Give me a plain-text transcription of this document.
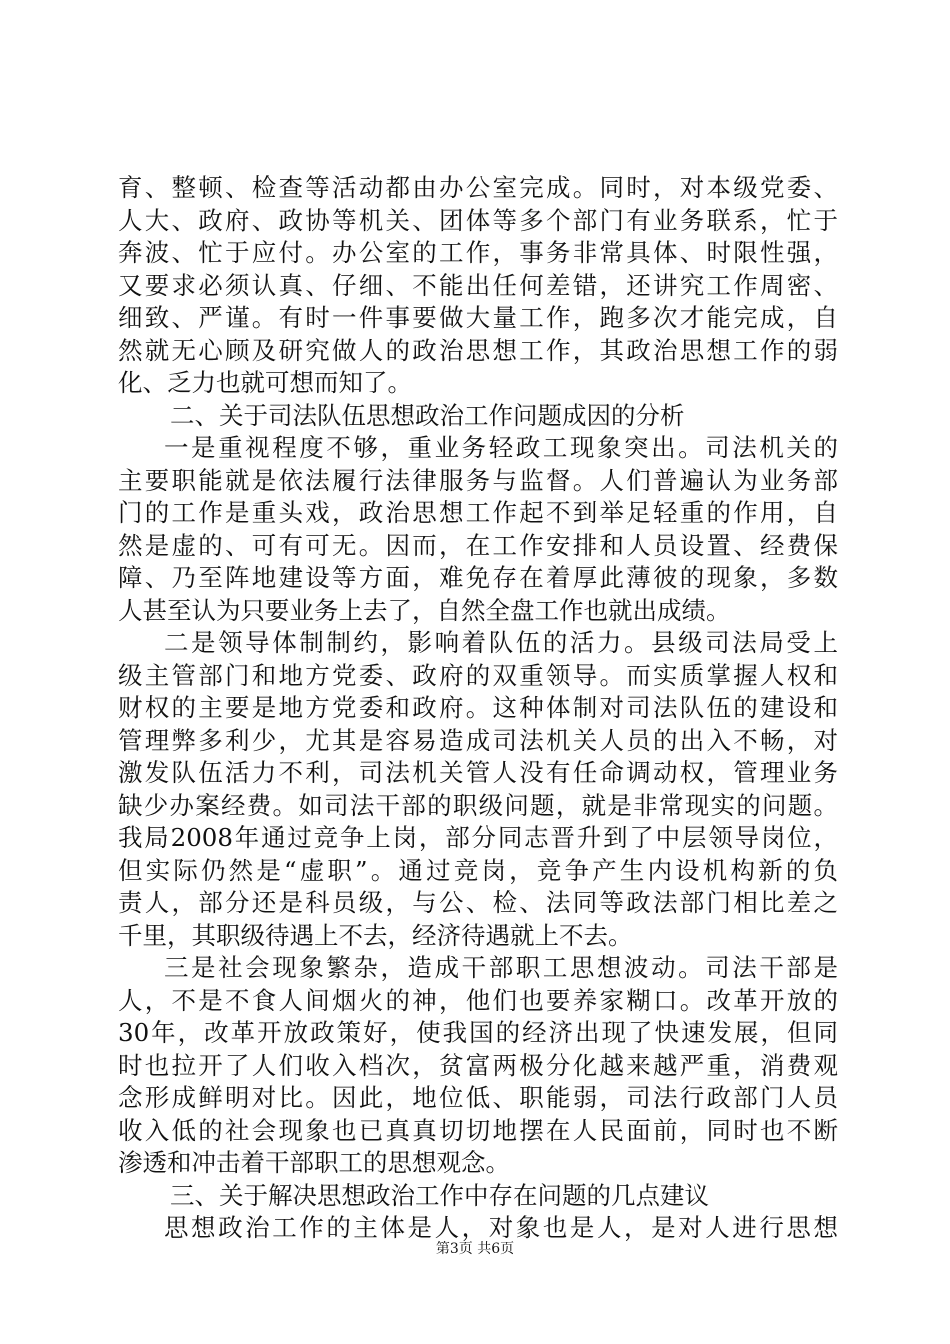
育、整顿、检查等活动都由办公室完成。同时，对本级党委、
人大、政府、政协等机关、团体等多个部门有业务联系，忙于
奔波、忙于应付。办公室的工作，事务非常具体、时限性强，
又要求必须认真、仔细、不能出任何差错，还讲究工作周密、
细致、严谨。有时一件事要做大量工作，跑多次才能完成，自
然就无心顾及研究做人的政治思想工作，其政治思想工作的弱
化、乏力也就可想而知了。
二、关于司法队伍思想政治工作问题成因的分析
一是重视程度不够，重业务轻政工现象突出。司法机关的
主要职能就是依法履行法律服务与监督。人们普遍认为业务部
门的工作是重头戏，政治思想工作起不到举足轻重的作用，自
然是虚的、可有可无。因而，在工作安排和人员设置、经费保
障、乃至阵地建设等方面，难免存在着厚此薄彼的现象，多数
人甚至认为只要业务上去了，自然全盘工作也就出成绩。
二是领导体制制约，影响着队伍的活力。县级司法局受上
级主管部门和地方党委、政府的双重领导。而实质掌握人权和
财权的主要是地方党委和政府。这种体制对司法队伍的建设和
管理弊多利少，尤其是容易造成司法机关人员的出入不畅，对
激发队伍活力不利，司法机关管人没有任命调动权，管理业务
缺少办案经费。如司法干部的职级问题，就是非常现实的问题。
我局2008年通过竞争上岗，部分同志晋升到了中层领导岗位，
但实际仍然是“虚职”。通过竞岗，竞争产生内设机构新的负
责人，部分还是科员级，与公、检、法同等政法部门相比差之
千里，其职级待遇上不去，经济待遇就上不去。
三是社会现象繁杂，造成干部职工思想波动。司法干部是
人，不是不食人间烟火的神，他们也要养家糊口。改革开放的
30年，改革开放政策好，使我国的经济出现了快速发展，但同
时也拉开了人们收入档次，贫富两极分化越来越严重，消费观
念形成鲜明对比。因此，地位低、职能弱，司法行政部门人员
收入低的社会现象也已真真切切地摆在人民面前，同时也不断
渗透和冲击着干部职工的思想观念。
三、关于解决思想政治工作中存在问题的几点建议
思想政治工作的主体是人，对象也是人，是对人进行思想
第3页 共6页
